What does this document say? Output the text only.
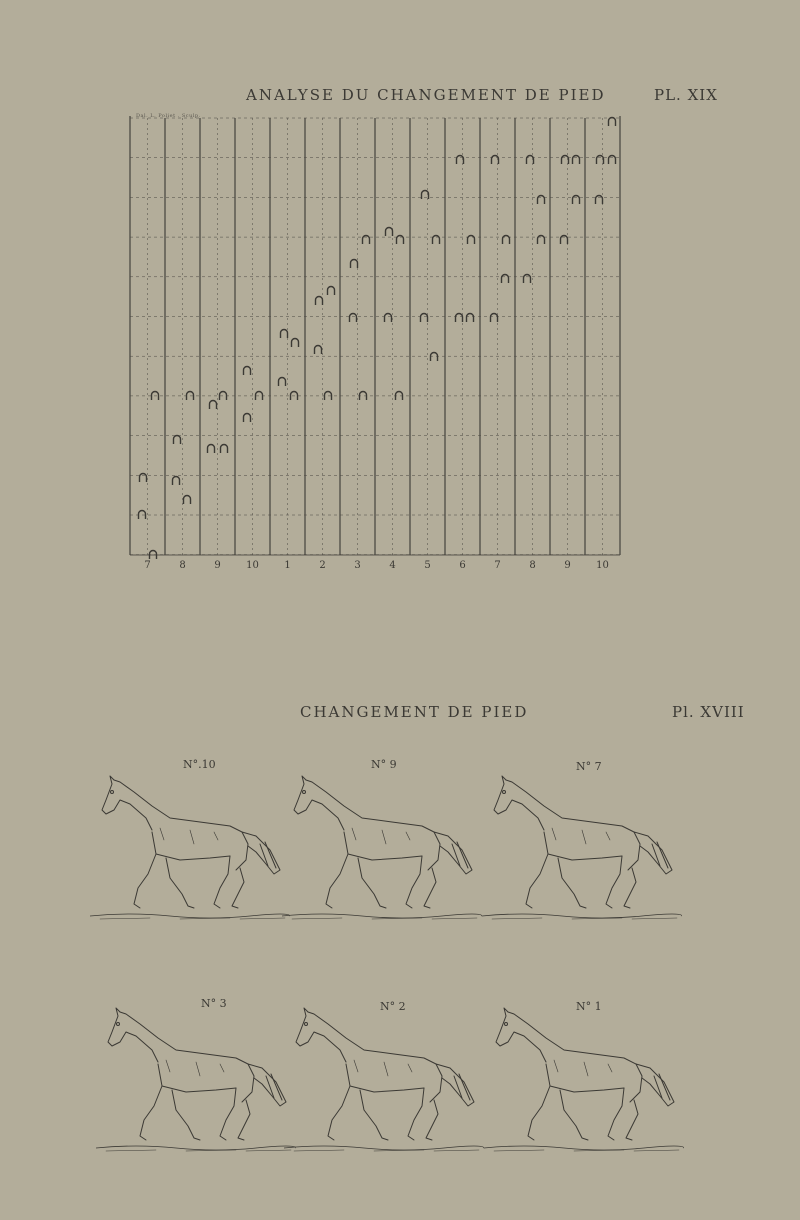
ANALYSE DU CHANGEMENT DE PIED	PL. XIX
Dal. L. Poliet . Sculp.
7	8	9	10	1	2	3	4	5	6	7	8	9	10
CHANGEMENT DE PIED	Pl. XVIII
N°.10	N° 9	N° 7
N° 3	N° 2	N° 1
